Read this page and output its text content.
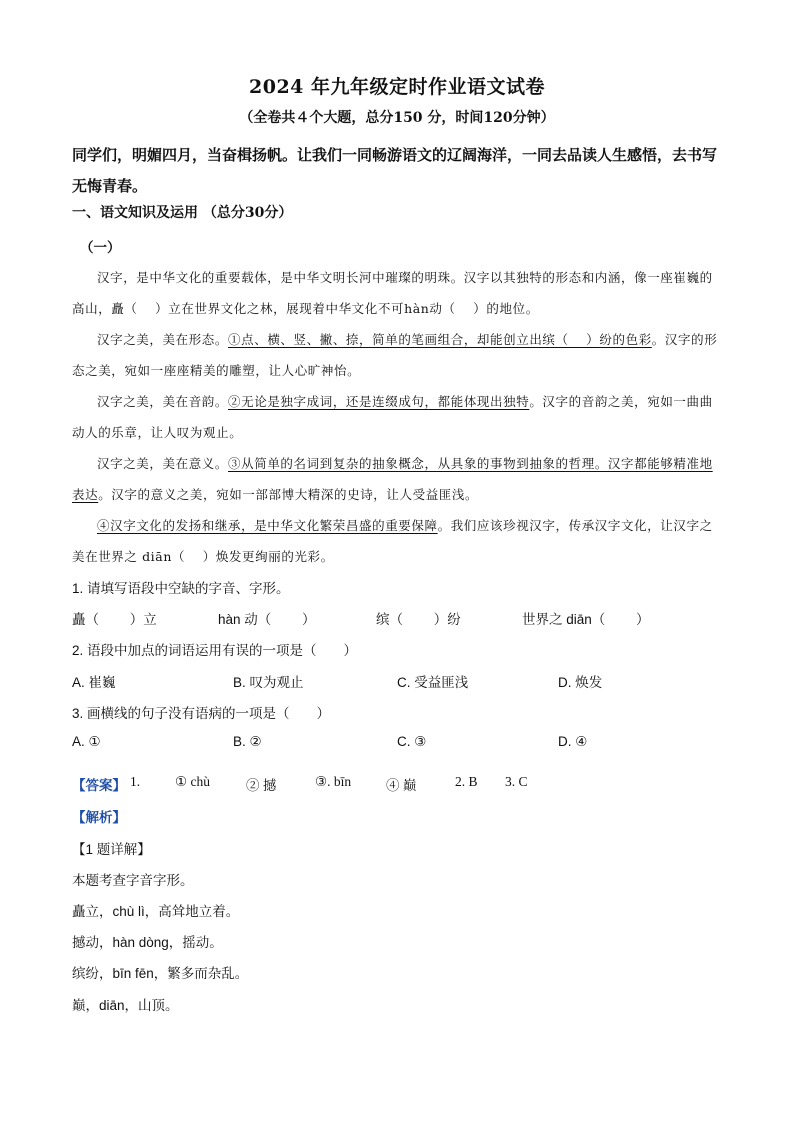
2024 年九年级定时作业语文试卷
（全卷共４个大题，总分150 分，时间120分钟）
同学们，明媚四月，当奋楫扬帆。让我们一同畅游语文的辽阔海洋，一同去品读人生感悟，去书写无悔青春。
一、语文知识及运用 （总分30分）
（一）

汉字，是中华文化的重要载体，是中华文明长河中璀璨的明珠。汉字以其独特的形态和内涵，像一座崔巍的高山，矗（　 ）立在世界文化之林，展现着中华文化不可hàn动（　 ）的地位。

汉字之美，美在形态。①点、横、竖、撇、捺，简单的笔画组合，却能创立出缤（　 ）纷的色彩。汉字的形态之美，宛如一座座精美的雕塑，让人心旷神怡。

汉字之美，美在音韵。②无论是独字成词，还是连缀成句，都能体现出独特。汉字的音韵之美，宛如一曲曲动人的乐章，让人叹为观止。

汉字之美，美在意义。③从简单的名词到复杂的抽象概念，从具象的事物到抽象的哲理。汉字都能够精准地表达。汉字的意义之美，宛如一部部博大精深的史诗，让人受益匪浅。

④汉字文化的发扬和继承，是中华文化繁荣昌盛的重要保障。我们应该珍视汉字，传承汉字文化，让汉字之美在世界之 diān（　 ）焕发更绚丽的光彩。

1. 请填写语段中空缺的字音、字形。
矗（　　 ）立	hàn 动（　　 ）	缤（　　 ）纷	世界之 diān（　　 ）
2. 语段中加点的词语运用有误的一项是（　　）
A. 崔巍	B. 叹为观止	C. 受益匪浅	D. 焕发
3. 画横线的句子没有语病的一项是（　　）
A. ①	B. ②	C. ③	D. ④
【答案】 1.	① chù	② 撼	③. bīn	④ 巅	2. B 3. C
【解析】
【1 题详解】
本题考查字音字形。
矗立，chù lì，高耸地立着。
撼动，hàn dòng，摇动。
缤纷，bīn fēn，繁多而杂乱。
巅，diān，山顶。
